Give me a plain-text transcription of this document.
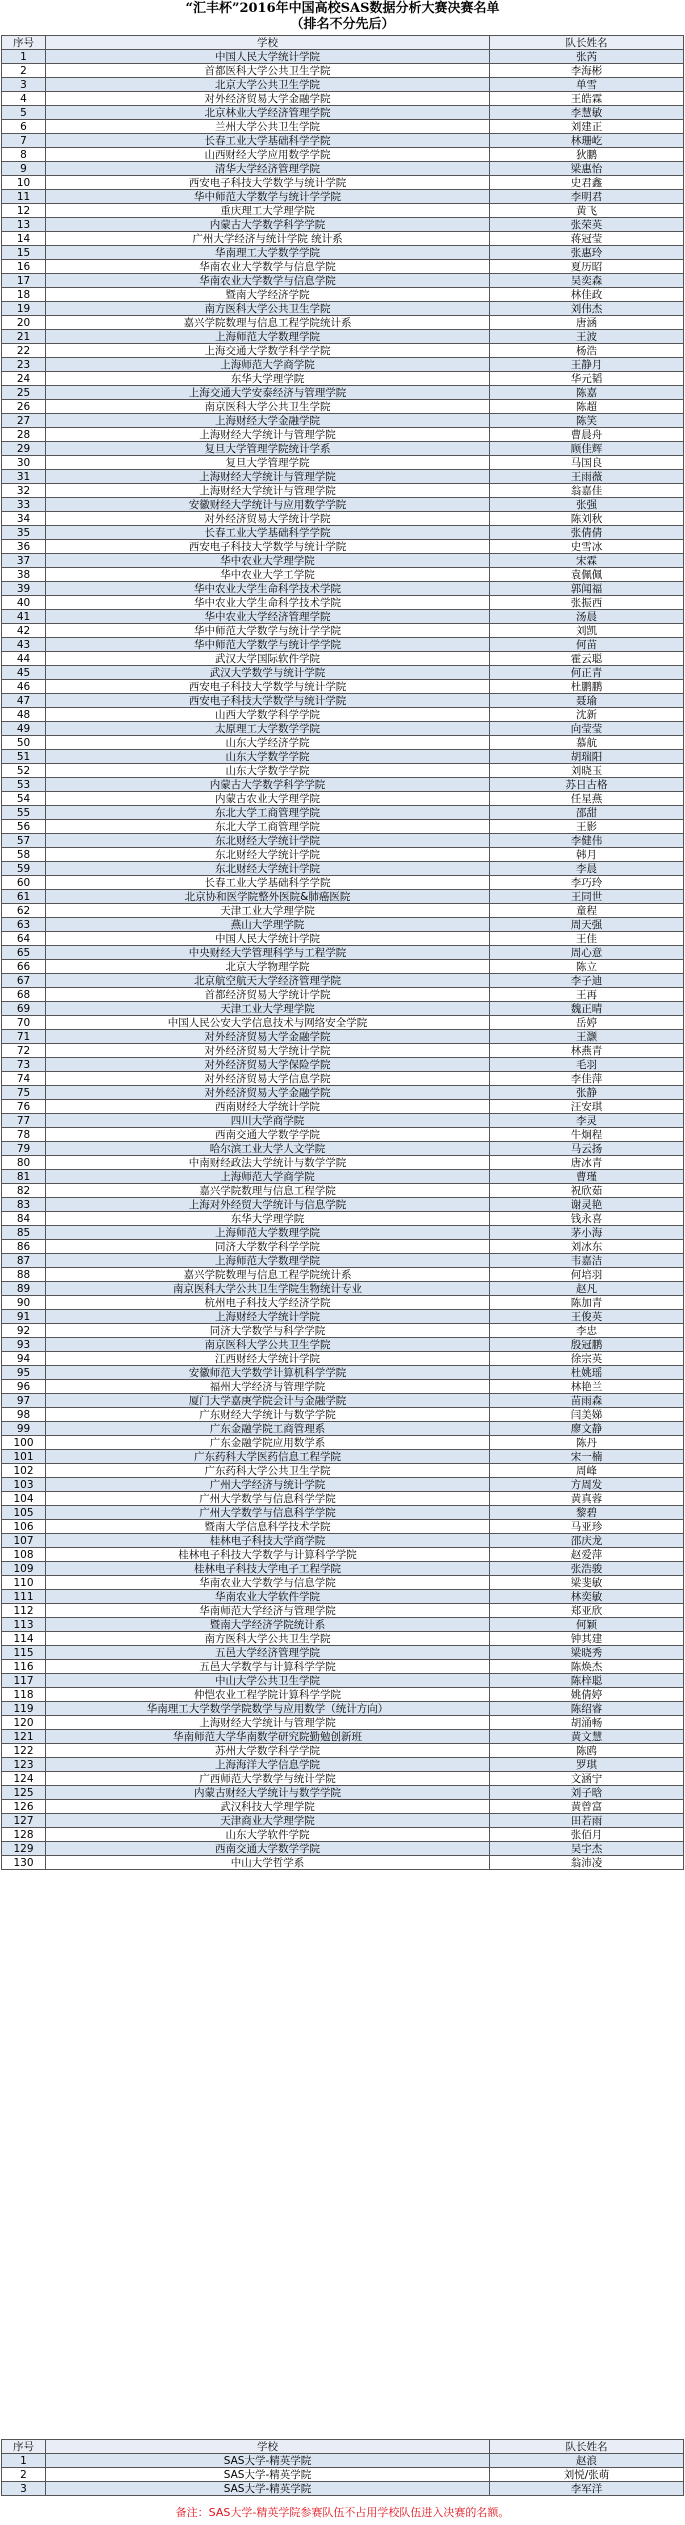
“汇丰杯”2016年中国高校SAS数据分析大赛决赛名单
（排名不分先后）
序号	学校	队长姓名
1	中国人民大学统计学院	张芮
2	首都医科大学公共卫生学院	李海彬
3	北京大学公共卫生学院	单雪
4	对外经济贸易大学金融学院	王皓霖
5	北京林业大学经济管理学院	李慧敏
6	兰州大学公共卫生学院	刘建正
7	长春工业大学基础科学学院	林珊屹
8	山西财经大学应用数学学院	狄鹏
9	清华大学经济管理学院	梁惠怡
10	西安电子科技大学数学与统计学院	史君鑫
11	华中师范大学数学与统计学学院	李明君
12	重庆理工大学理学院	黄飞
13	内蒙古大学数学科学学院	张荣英
14	广州大学经济与统计学院 统计系	蒋冠莹
15	华南理工大学数学学院	张惠玲
16	华南农业大学数学与信息学院	夏历昭
17	华南农业大学数学与信息学院	吴奕森
18	暨南大学经济学院	林佳政
19	南方医科大学公共卫生学院	刘伟杰
20	嘉兴学院数理与信息工程学院统计系	唐涵
21	上海师范大学数理学院	王波
22	上海交通大学数学科学学院	杨浩
23	上海师范大学商学院	王静月
24	东华大学理学院	华元韬
25	上海交通大学安泰经济与管理学院	陈嘉
26	南京医科大学公共卫生学院	陈超
27	上海财经大学金融学院	陈笑
28	上海财经大学统计与管理学院	曹晨舟
29	复旦大学管理学院统计学系	顾佳辉
30	复旦大学管理学院	马国良
31	上海财经大学统计与管理学院	王雨薇
32	上海财经大学统计与管理学院	翁嘉佳
33	安徽财经大学统计与应用数学学院	张强
34	对外经济贸易大学统计学院	陈刘秋
35	长春工业大学基础科学学院	张倩倩
36	西安电子科技大学数学与统计学院	史雪冰
37	华中农业大学理学院	宋霖
38	华中农业大学工学院	袁佩佩
39	华中农业大学生命科学技术学院	郭闻福
40	华中农业大学生命科学技术学院	张振西
41	华中农业大学经济管理学院	汤晨
42	华中师范大学数学与统计学学院	刘凯
43	华中师范大学数学与统计学学院	何苗
44	武汉大学国际软件学院	霍云聪
45	武汉大学数学与统计学院	何正青
46	西安电子科技大学数学与统计学院	杜鹏鹏
47	西安电子科技大学数学与统计学院	聂瑜
48	山西大学数学科学学院	沈新
49	太原理工大学数学学院	向莹莹
50	山东大学经济学院	慕航
51	山东大学数学学院	胡瑞阳
52	山东大学数学学院	刘晓玉
53	内蒙古大学数学科学学院	苏日古格
54	内蒙古农业大学理学院	任星燕
55	东北大学工商管理学院	邵甜
56	东北大学工商管理学院	王影
57	东北财经大学统计学院	李健伟
58	东北财经大学统计学院	韩月
59	东北财经大学统计学院	李晨
60	长春工业大学基础科学学院	李巧玲
61	北京协和医学院整外医院&肺癌医院	王同世
62	天津工业大学理学院	童程
63	燕山大学理学院	周天强
64	中国人民大学统计学院	王佳
65	中央财经大学管理科学与工程学院	周心意
66	北京大学物理学院	陈立
67	北京航空航天大学经济管理学院	李子迪
68	首都经济贸易大学统计学院	王再
69	天津工业大学理学院	魏正晴
70	中国人民公安大学信息技术与网络安全学院	岳婷
71	对外经济贸易大学金融学院	王灏
72	对外经济贸易大学统计学院	林燕青
73	对外经济贸易大学保险学院	毛羽
74	对外经济贸易大学信息学院	李佳萍
75	对外经济贸易大学金融学院	张静
76	西南财经大学统计学院	汪安琪
77	四川大学商学院	李灵
78	西南交通大学数学学院	牛炯程
79	哈尔滨工业大学人文学院	马云扬
80	中南财经政法大学统计与数学学院	唐冰青
81	上海师范大学商学院	曹瑾
82	嘉兴学院数理与信息工程学院	祝欣茹
83	上海对外经贸大学统计与信息学院	谢灵艳
84	东华大学理学院	钱永喜
85	上海师范大学数理学院	茅小海
86	同济大学数学科学学院	刘冰东
87	上海师范大学数理学院	韦嘉洁
88	嘉兴学院数理与信息工程学院统计系	何培羽
89	南京医科大学公共卫生学院生物统计专业	赵凡
90	杭州电子科技大学经济学院	陈加青
91	上海财经大学统计学院	王俊英
92	同济大学数学与科学学院	李忠
93	南京医科大学公共卫生学院	殷冠鹏
94	江西财经大学统计学院	徐宗英
95	安徽师范大学数学计算机科学学院	杜姚瑶
96	福州大学经济与管理学院	林艳兰
97	厦门大学嘉庚学院会计与金融学院	苗雨森
98	广东财经大学统计与数学学院	闫美娣
99	广东金融学院工商管理系	廖文静
100	广东金融学院应用数学系	陈丹
101	广东药科大学医药信息工程学院	宋一楠
102	广东药科大学公共卫生学院	周峰
103	广州大学经济与统计学院	方周发
104	广州大学数学与信息科学学院	黄真蓉
105	广州大学数学与信息科学学院	黎碧
106	暨南大学信息科学技术学院	马亚珍
107	桂林电子科技大学商学院	邵庆龙
108	桂林电子科技大学数学与计算科学学院	赵爱萍
109	桂林电子科技大学电子工程学院	张浩骏
110	华南农业大学数学与信息学院	梁斐敏
111	华南农业大学软件学院	林奕敏
112	华南师范大学经济与管理学院	郑亚欣
113	暨南大学经济学院统计系	何颖
114	南方医科大学公共卫生学院	钟其建
115	五邑大学经济管理学院	梁晓秀
116	五邑大学数学与计算科学学院	陈焕杰
117	中山大学公共卫生学院	陈梓聪
118	仲恺农业工程学院计算科学学院	姚倩婷
119	华南理工大学数学学院数学与应用数学（统计方向）	陈绍睿
120	上海财经大学统计与管理学院	胡涌畅
121	华南师范大学华南数学研究院勤勉创新班	黄文慧
122	苏州大学数学科学学院	陈鸥
123	上海海洋大学信息学院	罗琪
124	广西师范大学数学与统计学院	文涵宁
125	内蒙古财经大学统计与数学学院	刘子晗
126	武汉科技大学理学院	黄曾富
127	天津商业大学理学院	田若雨
128	山东大学软件学院	张佰月
129	西南交通大学数学学院	吴宇杰
130	中山大学哲学系	翁沛凌
序号	学校	队长姓名
1	SAS大学-精英学院	赵浪
2	SAS大学-精英学院	刘悦/张萌
3	SAS大学-精英学院	李军洋
备注：SAS大学-精英学院参赛队伍不占用学校队伍进入决赛的名额。
